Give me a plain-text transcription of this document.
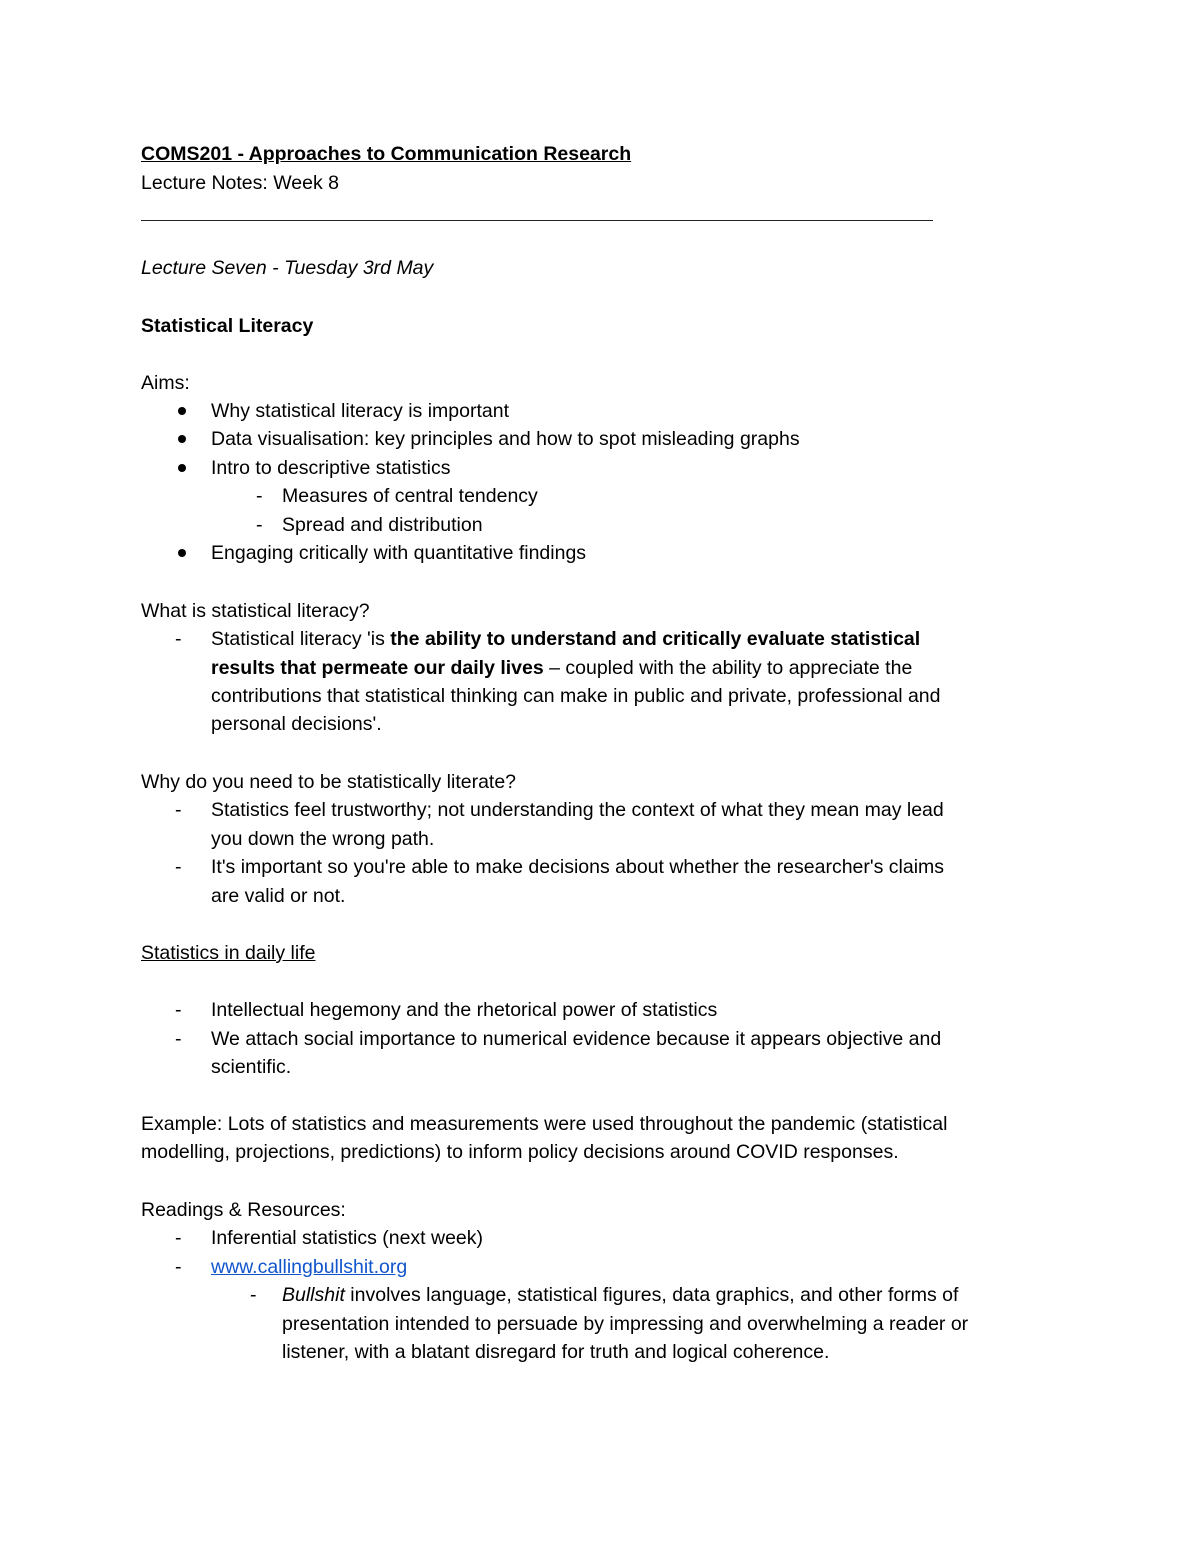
COMS201 - Approaches to Communication Research
Lecture Notes: Week 8
Lecture Seven - Tuesday 3rd May
Statistical Literacy
Aims:
Why statistical literacy is important
Data visualisation: key principles and how to spot misleading graphs
Intro to descriptive statistics
- Measures of central tendency
- Spread and distribution
Engaging critically with quantitative findings
What is statistical literacy?
- Statistical literacy 'is the ability to understand and critically evaluate statistical
results that permeate our daily lives – coupled with the ability to appreciate the
contributions that statistical thinking can make in public and private, professional and
personal decisions'.
Why do you need to be statistically literate?
- Statistics feel trustworthy; not understanding the context of what they mean may lead
you down the wrong path.
- It's important so you're able to make decisions about whether the researcher's claims
are valid or not.
Statistics in daily life
- Intellectual hegemony and the rhetorical power of statistics
- We attach social importance to numerical evidence because it appears objective and
scientific.
Example: Lots of statistics and measurements were used throughout the pandemic (statistical
modelling, projections, predictions) to inform policy decisions around COVID responses.
Readings & Resources:
- Inferential statistics (next week)
- www.callingbullshit.org
- Bullshit involves language, statistical figures, data graphics, and other forms of
presentation intended to persuade by impressing and overwhelming a reader or
listener, with a blatant disregard for truth and logical coherence.
